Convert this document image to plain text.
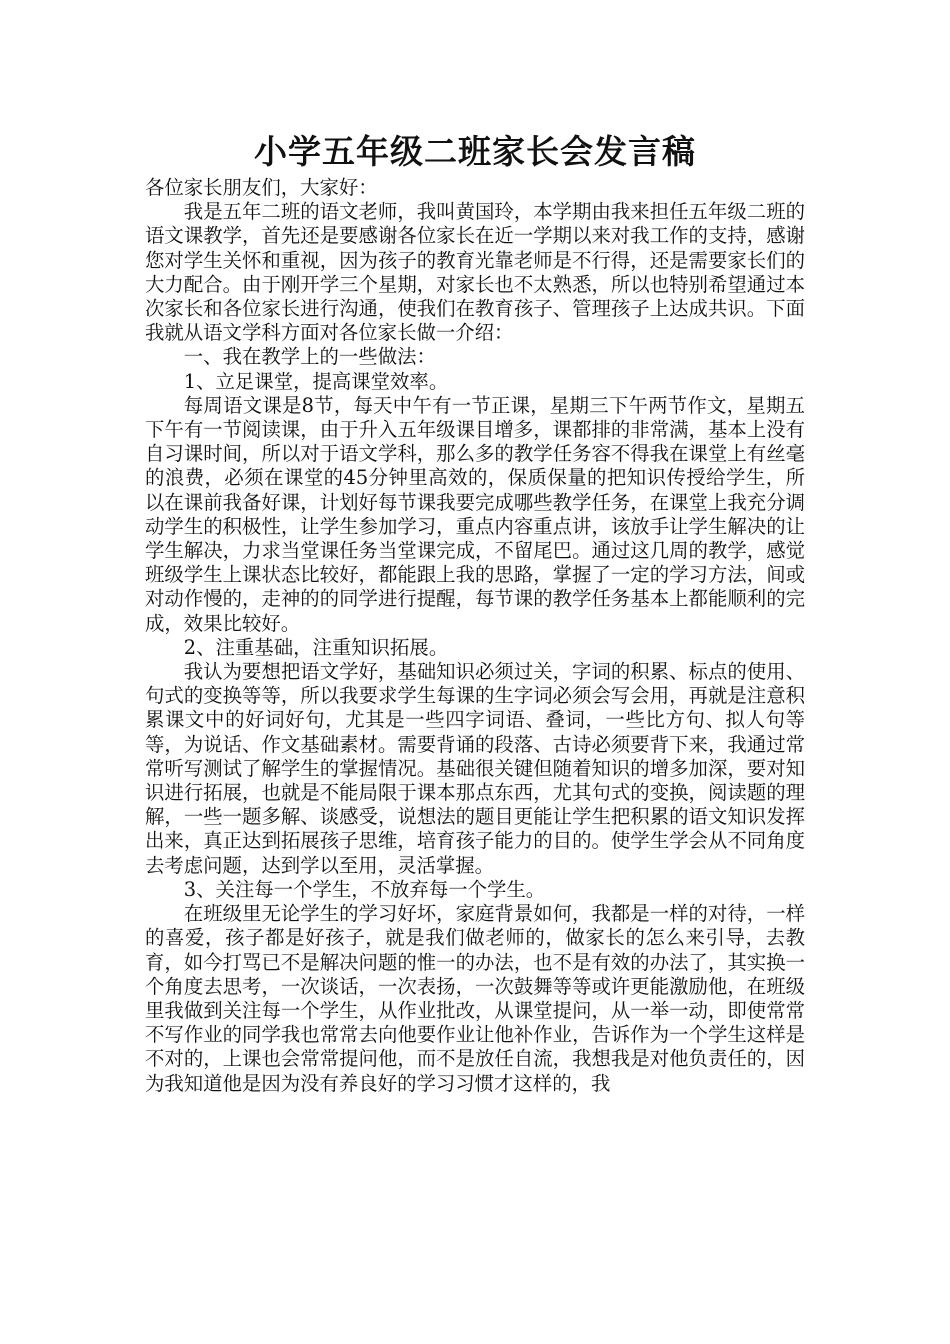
小学五年级二班家长会发言稿

各位家长朋友们，大家好：

我是五年二班的语文老师，我叫黄国玲，本学期由我来担任五年级二班的语文课教学，首先还是要感谢各位家长在近一学期以来对我工作的支持，感谢您对学生关怀和重视，因为孩子的教育光靠老师是不行得，还是需要家长们的大力配合。由于刚开学三个星期，对家长也不太熟悉，所以也特别希望通过本次家长和各位家长进行沟通，使我们在教育孩子、管理孩子上达成共识。下面我就从语文学科方面对各位家长做一介绍：

一、我在教学上的一些做法：

1、立足课堂，提高课堂效率。

每周语文课是8节，每天中午有一节正课，星期三下午两节作文，星期五下午有一节阅读课，由于升入五年级课目增多，课都排的非常满，基本上没有自习课时间，所以对于语文学科，那么多的教学任务容不得我在课堂上有丝毫的浪费，必须在课堂的45分钟里高效的，保质保量的把知识传授给学生，所以在课前我备好课，计划好每节课我要完成哪些教学任务，在课堂上我充分调动学生的积极性，让学生参加学习，重点内容重点讲，该放手让学生解决的让学生解决，力求当堂课任务当堂课完成，不留尾巴。通过这几周的教学，感觉班级学生上课状态比较好，都能跟上我的思路，掌握了一定的学习方法，间或对动作慢的，走神的的同学进行提醒，每节课的教学任务基本上都能顺利的完成，效果比较好。

2、注重基础，注重知识拓展。

我认为要想把语文学好，基础知识必须过关，字词的积累、标点的使用、句式的变换等等，所以我要求学生每课的生字词必须会写会用，再就是注意积累课文中的好词好句，尤其是一些四字词语、叠词，一些比方句、拟人句等等，为说话、作文基础素材。需要背诵的段落、古诗必须要背下来，我通过常常听写测试了解学生的掌握情况。基础很关键但随着知识的增多加深，要对知识进行拓展，也就是不能局限于课本那点东西，尤其句式的变换，阅读题的理解，一些一题多解、谈感受，说想法的题目更能让学生把积累的语文知识发挥出来，真正达到拓展孩子思维，培育孩子能力的目的。使学生学会从不同角度去考虑问题，达到学以至用，灵活掌握。

3、关注每一个学生，不放弃每一个学生。

在班级里无论学生的学习好坏，家庭背景如何，我都是一样的对待，一样的喜爱，孩子都是好孩子，就是我们做老师的，做家长的怎么来引导，去教育，如今打骂已不是解决问题的惟一的办法，也不是有效的办法了，其实换一个角度去思考，一次谈话，一次表扬，一次鼓舞等等或许更能激励他，在班级里我做到关注每一个学生，从作业批改，从课堂提问，从一举一动，即使常常不写作业的同学我也常常去向他要作业让他补作业，告诉作为一个学生这样是不对的，上课也会常常提问他，而不是放任自流，我想我是对他负责任的，因为我知道他是因为没有养良好的学习习惯才这样的，我
